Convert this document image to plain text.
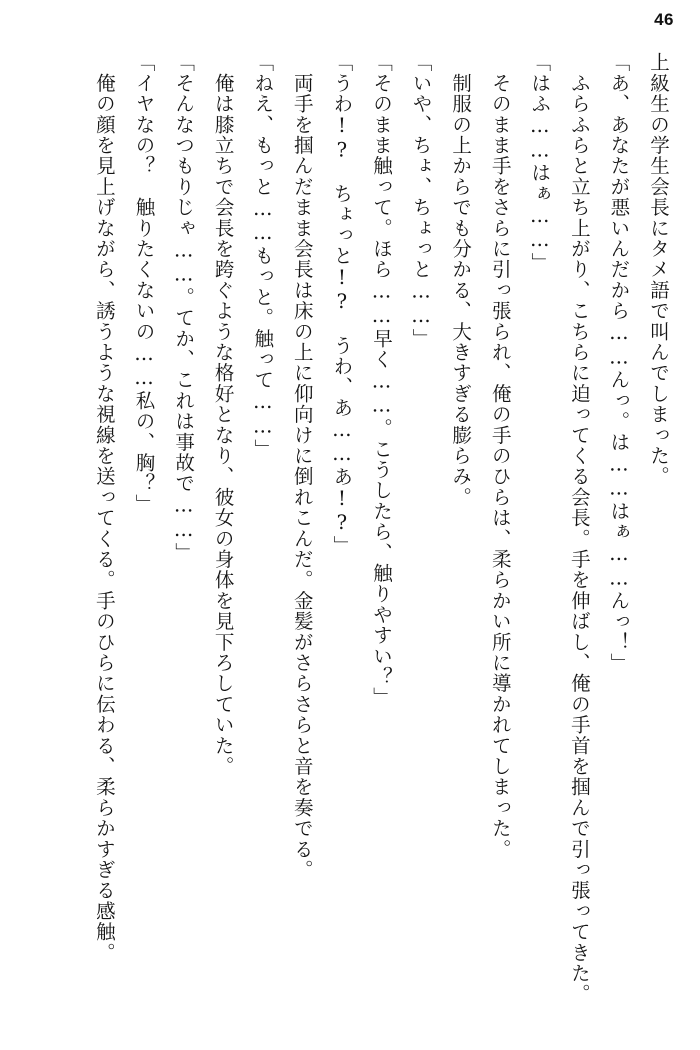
46
上級生の学生会長にタメ語で叫んでしまった。
「あ、あなたが悪いんだから……んっ。は……はぁ……んっ！」
　ふらふらと立ち上がり、こちらに迫ってくる会長。手を伸ばし、俺の手首を掴んで引っ張ってきた。
「はふ……はぁ……」
　そのまま手をさらに引っ張られ、俺の手のひらは、柔らかい所に導かれてしまった。
　制服の上からでも分かる、大きすぎる膨らみ。
「いや、ちょ、ちょっと……」
「そのまま触って。ほら……早く……。こうしたら、触りやすい？」
「うわ!?　ちょっと!?　うわ、あ……あ!?」
　両手を掴んだまま会長は床の上に仰向けに倒れこんだ。金髪がさらさらと音を奏でる。
「ねえ、もっと……もっと。触って……」
　俺は膝立ちで会長を跨ぐような格好となり、彼女の身体を見下ろしていた。
「そんなつもりじゃ……。てか、これは事故で……」
「イヤなの？　触りたくないの……私の、胸？」
　俺の顔を見上げながら、誘うような視線を送ってくる。手のひらに伝わる、柔らかすぎる感触。
